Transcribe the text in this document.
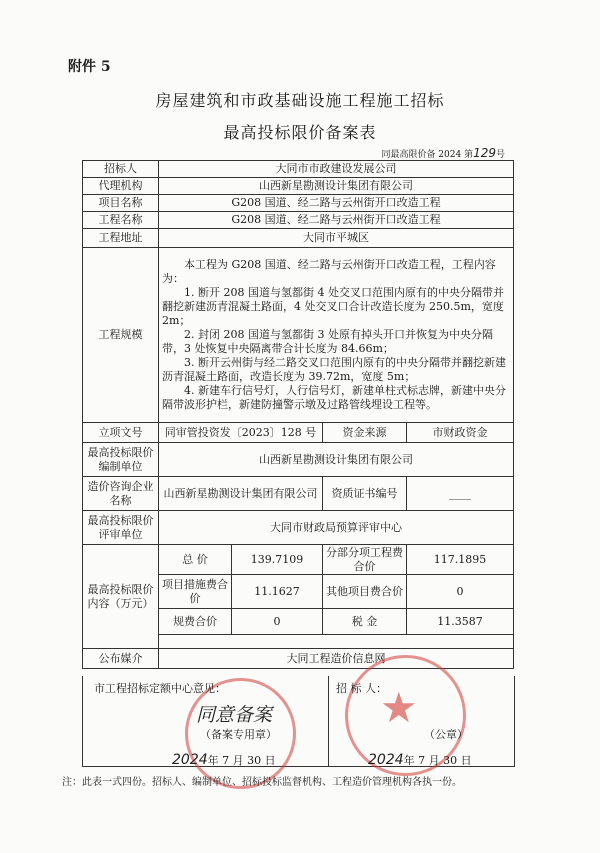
附件 5
房屋建筑和市政基础设施工程施工招标
最高投标限价备案表
同最高限价备 2024 第129号
招标人	大同市市政建设发展公司			
代理机构	山西新星勘测设计集团有限公司			
项目名称	G208 国道、经二路与云州街开口改造工程			
工程名称	G208 国道、经二路与云州街开口改造工程			
工程地址	大同市平城区			
工程规模	本工程为 G208 国道、经二路与云州街开口改造工程，工程内容为：

1. 断开 208 国道与氢都街 4 处交叉口范围内原有的中央分隔带并翻挖新建沥青混凝土路面，4 处交叉口合计改造长度为 250.5m，宽度 2m；

2. 封闭 208 国道与氢都街 3 处原有掉头开口并恢复为中央分隔带，3 处恢复中央隔离带合计长度为 84.66m；

3. 断开云州街与经二路交叉口范围内原有的中央分隔带并翻挖新建沥青混凝土路面，改造长度为 39.72m，宽度 5m；

4. 新建车行信号灯，人行信号灯，新建单柱式标志牌，新建中央分隔带波形护栏，新建防撞警示墩及过路管线埋设工程等。			

立项文号	同审管投资发〔2023〕128 号		资金来源	市财政资金
最高投标限价编制单位	山西新星勘测设计集团有限公司			
造价咨询企业名称	山西新星勘测设计集团有限公司		资质证书编号	____
最高投标限价评审单位	大同市财政局预算评审中心			
最高投标限价内容（万元）	总 价	139.7109	分部分项工程费合价	117.1895
	项目措施费合价	11.1627	其他项目费合价	0
	规费合价	0	税 金	11.3587

公布媒介	大同工程造价信息网			
★
市工程招标定额中心意见：
同意备案
（备案专用章）
2024年 7 月 30 日
招 标 人：
（公章）
2024年 7 月 30 日
注：此表一式四份。招标人、编制单位、招标投标监督机构、工程造价管理机构各执一份。
